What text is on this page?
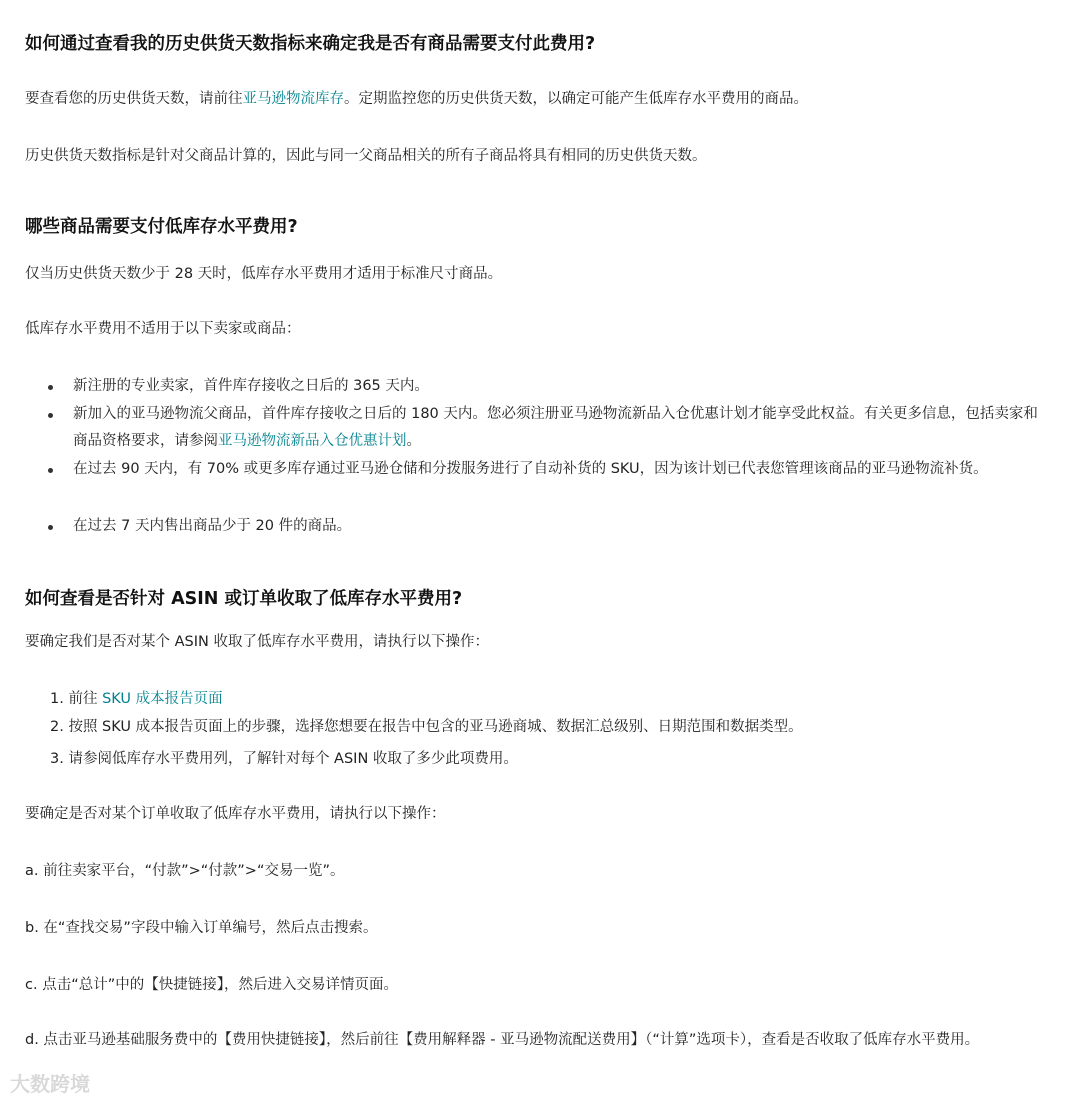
如何通过查看我的历史供货天数指标来确定我是否有商品需要支付此费用?
要查看您的历史供货天数，请前往亚马逊物流库存。定期监控您的历史供货天数，以确定可能产生低库存水平费用的商品。
历史供货天数指标是针对父商品计算的，因此与同一父商品相关的所有子商品将具有相同的历史供货天数。
哪些商品需要支付低库存水平费用?
仅当历史供货天数少于 28 天时，低库存水平费用才适用于标准尺寸商品。
低库存水平费用不适用于以下卖家或商品：
新注册的专业卖家，首件库存接收之日后的 365 天内。
新加入的亚马逊物流父商品，首件库存接收之日后的 180 天内。您必须注册亚马逊物流新品入仓优惠计划才能享受此权益。有关更多信息，包括卖家和商品资格要求，请参阅亚马逊物流新品入仓优惠计划。
在过去 90 天内，有 70% 或更多库存通过亚马逊仓储和分拨服务进行了自动补货的 SKU，因为该计划已代表您管理该商品的亚马逊物流补货。
在过去 7 天内售出商品少于 20 件的商品。
如何查看是否针对 ASIN 或订单收取了低库存水平费用?
要确定我们是否对某个 ASIN 收取了低库存水平费用，请执行以下操作：
1. 前往 SKU 成本报告页面
2. 按照 SKU 成本报告页面上的步骤，选择您想要在报告中包含的亚马逊商城、数据汇总级别、日期范围和数据类型。
3. 请参阅低库存水平费用列，了解针对每个 ASIN 收取了多少此项费用。
要确定是否对某个订单收取了低库存水平费用，请执行以下操作：
a. 前往卖家平台，“付款”>“付款”>“交易一览”。
b. 在“查找交易”字段中输入订单编号，然后点击搜索。
c. 点击“总计”中的【快捷链接】，然后进入交易详情页面。
d. 点击亚马逊基础服务费中的【费用快捷链接】，然后前往【费用解释器 - 亚马逊物流配送费用】（“计算”选项卡），查看是否收取了低库存水平费用。
大数跨境
